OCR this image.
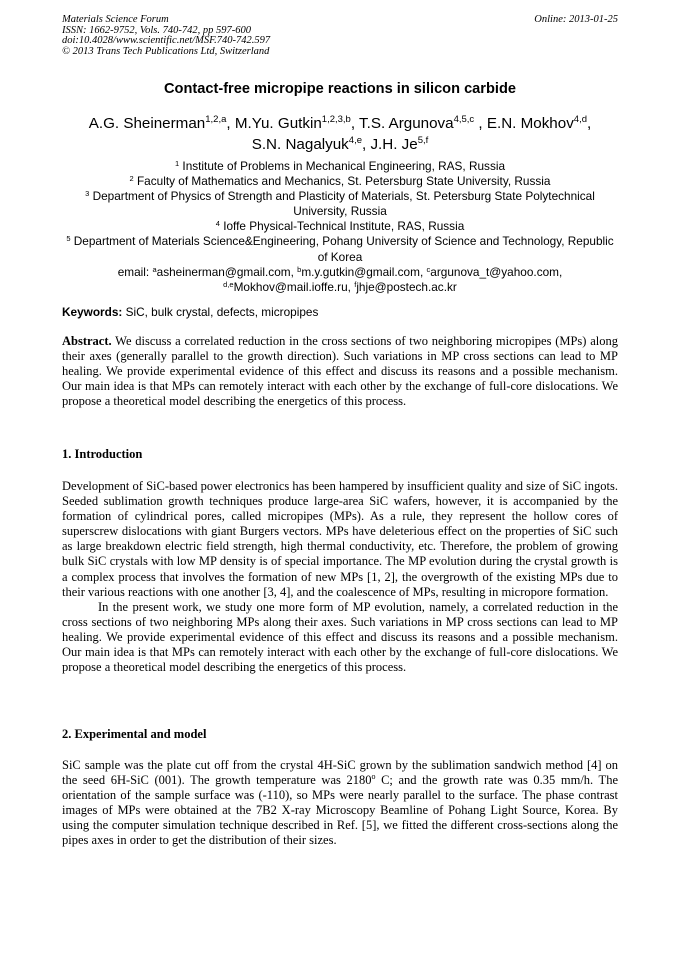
Materials Science Forum
ISSN: 1662-9752, Vols. 740-742, pp 597-600
doi:10.4028/www.scientific.net/MSF.740-742.597
© 2013 Trans Tech Publications Ltd, Switzerland
Online: 2013-01-25
Contact-free micropipe reactions in silicon carbide
A.G. Sheinerman$^{1,2,a}$, M.Yu. Gutkin$^{1,2,3,b}$, T.S. Argunova$^{4,5,c}$ , E.N. Mokhov$^{4,d}$,
S.N. Nagalyuk$^{4,e}$, J.H. Je$^{5,f}$
$^1$ Institute of Problems in Mechanical Engineering, RAS, Russia
$^2$ Faculty of Mathematics and Mechanics, St. Petersburg State University, Russia
$^3$ Department of Physics of Strength and Plasticity of Materials, St. Petersburg State Polytechnical University, Russia
$^4$ Ioffe Physical-Technical Institute, RAS, Russia
$^5$ Department of Materials Science&Engineering, Pohang University of Science and Technology, Republic of Korea
email: $^a$asheinerman@gmail.com, $^b$m.y.gutkin@gmail.com, $^c$argunova_t@yahoo.com,
$^{d,e}$Mokhov@mail.ioffe.ru, $^f$jhje@postech.ac.kr
Keywords: SiC, bulk crystal, defects, micropipes

Abstract. We discuss a correlated reduction in the cross sections of two neighboring micropipes (MPs) along their axes (generally parallel to the growth direction). Such variations in MP cross sections can lead to MP healing. We provide experimental evidence of this effect and discuss its reasons and a possible mechanism. Our main idea is that MPs can remotely interact with each other by the exchange of full-core dislocations. We propose a theoretical model describing the energetics of this process.

1. Introduction

Development of SiC-based power electronics has been hampered by insufficient quality and size of SiC ingots. Seeded sublimation growth techniques produce large-area SiC wafers, however, it is accompanied by the formation of cylindrical pores, called micropipes (MPs). As a rule, they represent the hollow cores of superscrew dislocations with giant Burgers vectors. MPs have deleterious effect on the properties of SiC such as large breakdown electric field strength, high thermal conductivity, etc. Therefore, the problem of growing bulk SiC crystals with low MP density is of special importance. The MP evolution during the crystal growth is a complex process that involves the formation of new MPs [1, 2], the overgrowth of the existing MPs due to their various reactions with one another [3, 4], and the coalescence of MPs, resulting in micropore formation.

In the present work, we study one more form of MP evolution, namely, a correlated reduction in the cross sections of two neighboring MPs along their axes. Such variations in MP cross sections can lead to MP healing. We provide experimental evidence of this effect and discuss its reasons and a possible mechanism. Our main idea is that MPs can remotely interact with each other by the exchange of full-core dislocations. We propose a theoretical model describing the energetics of this process.

2. Experimental and model

SiC sample was the plate cut off from the crystal 4H-SiC grown by the sublimation sandwich method [4] on the seed 6H-SiC (001). The growth temperature was 2180$^o$ C; and the growth rate was 0.35 mm/h. The orientation of the sample surface was (-110), so MPs were nearly parallel to the surface. The phase contrast images of MPs were obtained at the 7B2 X-ray Microscopy Beamline of Pohang Light Source, Korea. By using the computer simulation technique described in Ref. [5], we fitted the different cross-sections along the pipes axes in order to get the distribution of their sizes.
